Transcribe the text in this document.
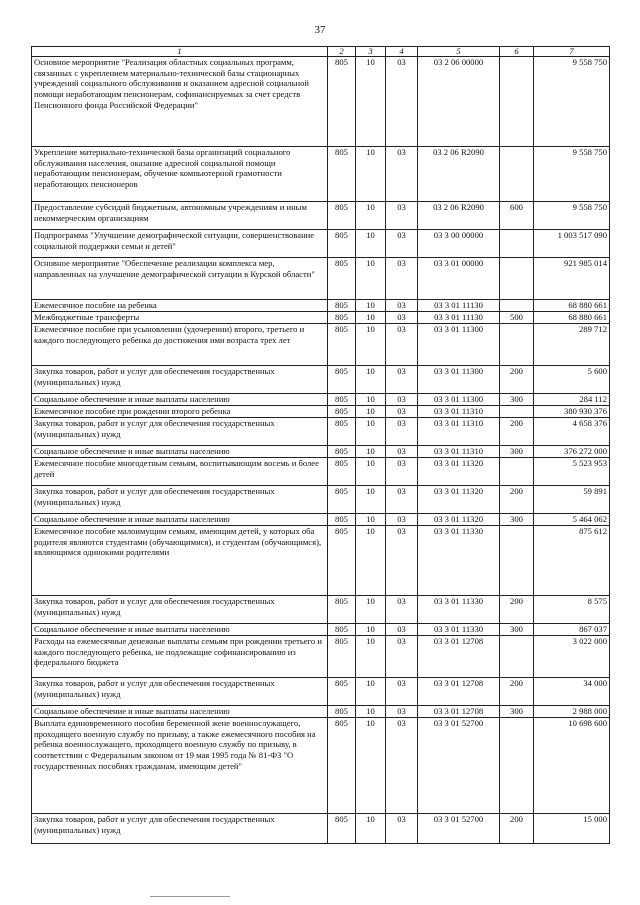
37
1	2	3	4	5	6	7
Основное мероприятие "Реализация областных социальных программ, связанных с укреплением материально-технической базы стационарных учреждений социального обслуживания и оказанием адресной социальной помощи неработающим пенсионерам, софинансируемых за счет средств Пенсионного фонда Российской Федерации"	805	10	03	03 2 06 00000		9 558 750
Укрепление материально-технической базы организаций социального обслуживания населения, оказание адресной социальной помощи неработающим пенсионерам, обучение компьютерной грамотности неработающих пенсионеров	805	10	03	03 2 06 R2090		9 558 750
Предоставление субсидий бюджетным, автономным учреждениям и иным некоммерческим организациям	805	10	03	03 2 06 R2090	600	9 558 750
Подпрограмма "Улучшение демографической ситуации, совершенствование социальной поддержки семьи и детей"	805	10	03	03 3 00 00000		1 003 517 090
Основное мероприятие "Обеспечение реализации комплекса мер, направленных на улучшение демографической ситуации в Курской области"	805	10	03	03 3 01 00000		921 985 014
Ежемесячное пособие на ребенка	805	10	03	03 3 01 11130		68 880 661
Межбюджетные трансферты	805	10	03	03 3 01 11130	500	68 880 661
Ежемесячное пособие при усыновлении (удочерении) второго, третьего и каждого последующего ребенка до достижения ими возраста трех лет	805	10	03	03 3 01 11300		289 712
Закупка товаров, работ и услуг для обеспечения государственных (муниципальных) нужд	805	10	03	03 3 01 11300	200	5 600
Социальное обеспечение и иные выплаты населению	805	10	03	03 3 01 11300	300	284 112
Ежемесячное пособие при рождении второго ребенка	805	10	03	03 3 01 11310		380 930 376
Закупка товаров, работ и услуг для обеспечения государственных (муниципальных) нужд	805	10	03	03 3 01 11310	200	4 658 376
Социальное обеспечение и иные выплаты населению	805	10	03	03 3 01 11310	300	376 272 000
Ежемесячное пособие многодетным семьям, воспитывающим восемь и более детей	805	10	03	03 3 01 11320		5 523 953
Закупка товаров, работ и услуг для обеспечения государственных (муниципальных) нужд	805	10	03	03 3 01 11320	200	59 891
Социальное обеспечение и иные выплаты населению	805	10	03	03 3 01 11320	300	5 464 062
Ежемесячное пособие малоимущим семьям, имеющим детей, у которых оба родителя являются студентами (обучающимися), и студентам (обучающимся), являющимся одинокими родителями	805	10	03	03 3 01 11330		875 612
Закупка товаров, работ и услуг для обеспечения государственных (муниципальных) нужд	805	10	03	03 3 01 11330	200	8 575
Социальное обеспечение и иные выплаты населению	805	10	03	03 3 01 11330	300	867 037
Расходы на ежемесячные денежные выплаты семьям при рождении третьего и каждого последующего ребенка, не подлежащие софинансированию из федерального бюджета	805	10	03	03 3 01 12708		3 022 000
Закупка товаров, работ и услуг для обеспечения государственных (муниципальных) нужд	805	10	03	03 3 01 12708	200	34 000
Социальное обеспечение и иные выплаты населению	805	10	03	03 3 01 12708	300	2 988 000
Выплата единовременного пособия беременной жене военнослужащего, проходящего военную службу по призыву, а также ежемесячного пособия на ребенка военнослужащего, проходящего военную службу по призыву, в соответствии с Федеральным законом от 19 мая 1995 года № 81-ФЗ "О государственных пособиях гражданам, имеющим детей"	805	10	03	03 3 01 52700		10 698 600
Закупка товаров, работ и услуг для обеспечения государственных (муниципальных) нужд	805	10	03	03 3 01 52700	200	15 000
